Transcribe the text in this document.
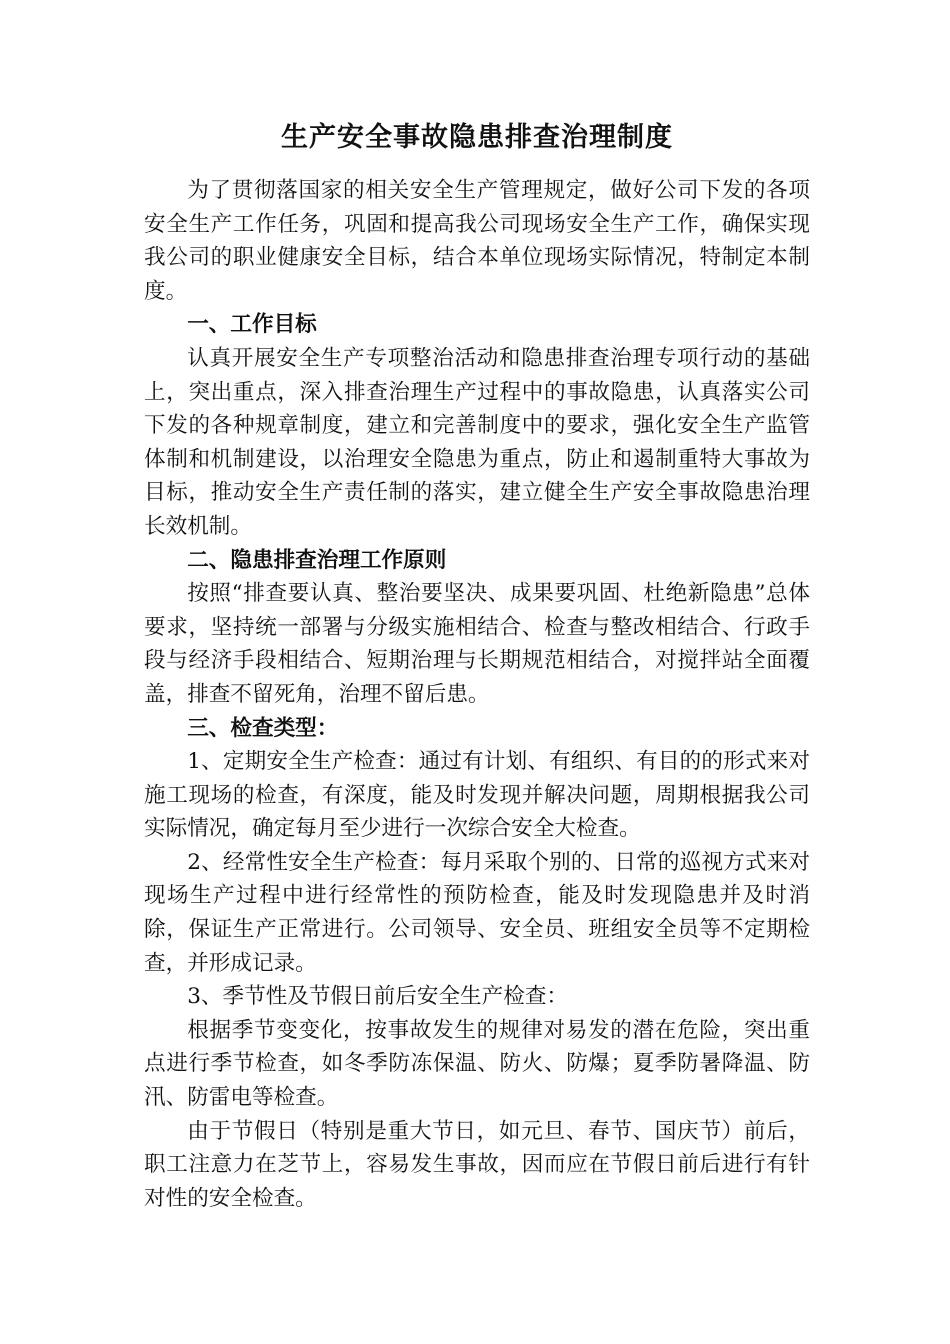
生产安全事故隐患排查治理制度

为了贯彻落国家的相关安全生产管理规定，做好公司下发的各项安全生产工作任务，巩固和提高我公司现场安全生产工作，确保实现我公司的职业健康安全目标，结合本单位现场实际情况，特制定本制度。

一、工作目标

认真开展安全生产专项整治活动和隐患排查治理专项行动的基础上，突出重点，深入排查治理生产过程中的事故隐患，认真落实公司下发的各种规章制度，建立和完善制度中的要求，强化安全生产监管体制和机制建设，以治理安全隐患为重点，防止和遏制重特大事故为目标，推动安全生产责任制的落实，建立健全生产安全事故隐患治理长效机制。

二、隐患排查治理工作原则

按照“排查要认真、整治要坚决、成果要巩固、杜绝新隐患”总体要求，坚持统一部署与分级实施相结合、检查与整改相结合、行政手段与经济手段相结合、短期治理与长期规范相结合，对搅拌站全面覆盖，排查不留死角，治理不留后患。

三、检查类型：

1、定期安全生产检查：通过有计划、有组织、有目的的形式来对施工现场的检查，有深度，能及时发现并解决问题，周期根据我公司实际情况，确定每月至少进行一次综合安全大检查。

2、经常性安全生产检查：每月采取个别的、日常的巡视方式来对现场生产过程中进行经常性的预防检查，能及时发现隐患并及时消除，保证生产正常进行。公司领导、安全员、班组安全员等不定期检查，并形成记录。

3、季节性及节假日前后安全生产检查：

根据季节变变化，按事故发生的规律对易发的潜在危险，突出重点进行季节检查，如冬季防冻保温、防火、防爆；夏季防暑降温、防汛、防雷电等检查。

由于节假日（特别是重大节日，如元旦、春节、国庆节）前后，职工注意力在芝节上，容易发生事故，因而应在节假日前后进行有针对性的安全检查。
